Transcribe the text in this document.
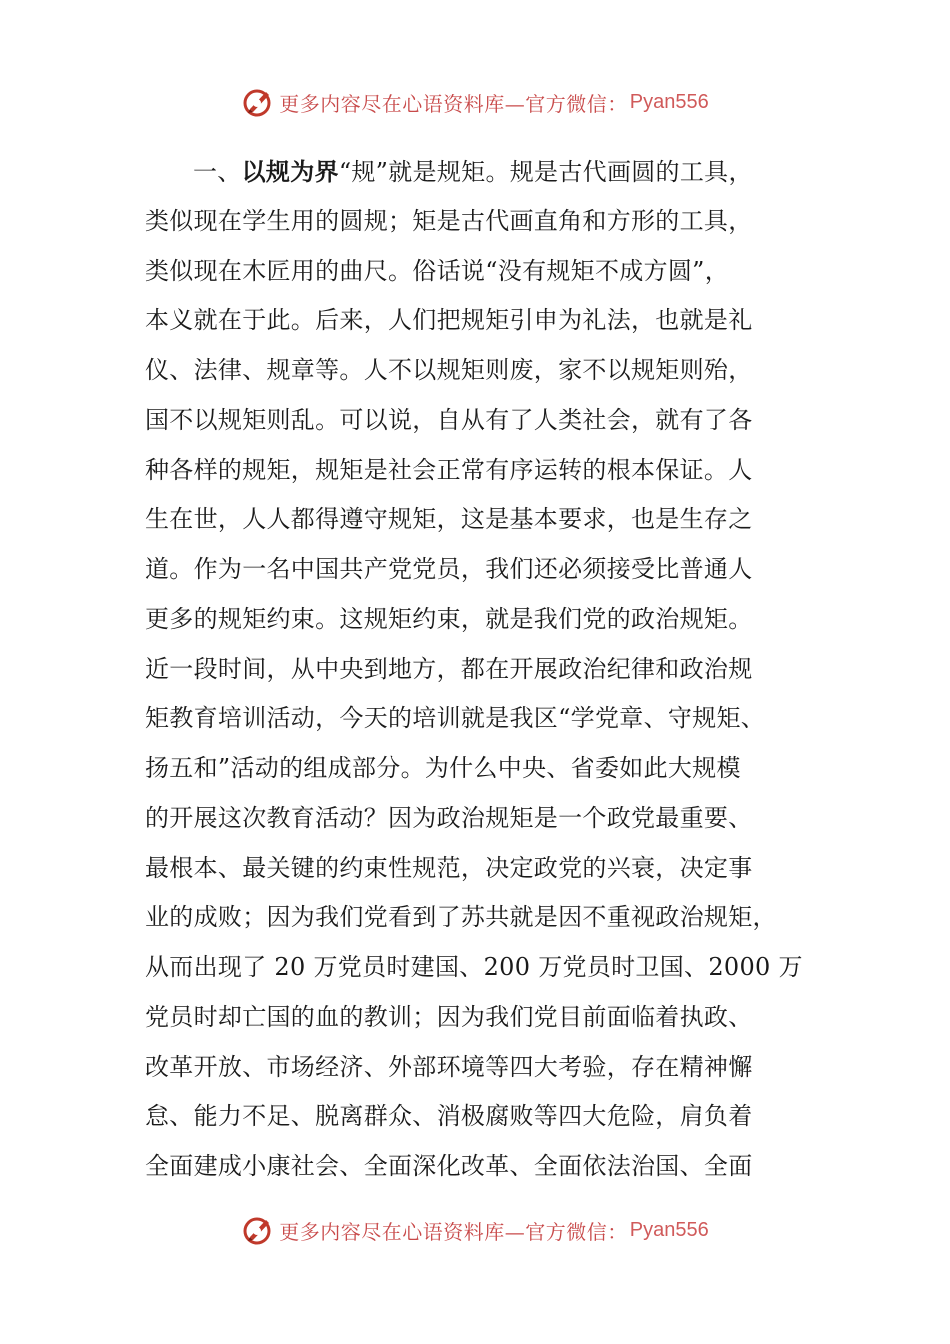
更多内容尽在心语资料库—官方微信： Pyan556
一、以规为界“规”就是规矩。规是古代画圆的工具，
类似现在学生用的圆规；矩是古代画直角和方形的工具，
类似现在木匠用的曲尺。俗话说“没有规矩不成方圆”，
本义就在于此。后来，人们把规矩引申为礼法，也就是礼
仪、法律、规章等。人不以规矩则废，家不以规矩则殆，
国不以规矩则乱。可以说，自从有了人类社会，就有了各
种各样的规矩，规矩是社会正常有序运转的根本保证。人
生在世，人人都得遵守规矩，这是基本要求，也是生存之
道。作为一名中国共产党党员，我们还必须接受比普通人
更多的规矩约束。这规矩约束，就是我们党的政治规矩。
近一段时间，从中央到地方，都在开展政治纪律和政治规
矩教育培训活动，今天的培训就是我区“学党章、守规矩、
扬五和”活动的组成部分。为什么中央、省委如此大规模
的开展这次教育活动？因为政治规矩是一个政党最重要、
最根本、最关键的约束性规范，决定政党的兴衰，决定事
业的成败；因为我们党看到了苏共就是因不重视政治规矩，
从而出现了 20 万党员时建国、200 万党员时卫国、2000 万
党员时却亡国的血的教训；因为我们党目前面临着执政、
改革开放、市场经济、外部环境等四大考验，存在精神懈
怠、能力不足、脱离群众、消极腐败等四大危险，肩负着
全面建成小康社会、全面深化改革、全面依法治国、全面
更多内容尽在心语资料库—官方微信： Pyan556
